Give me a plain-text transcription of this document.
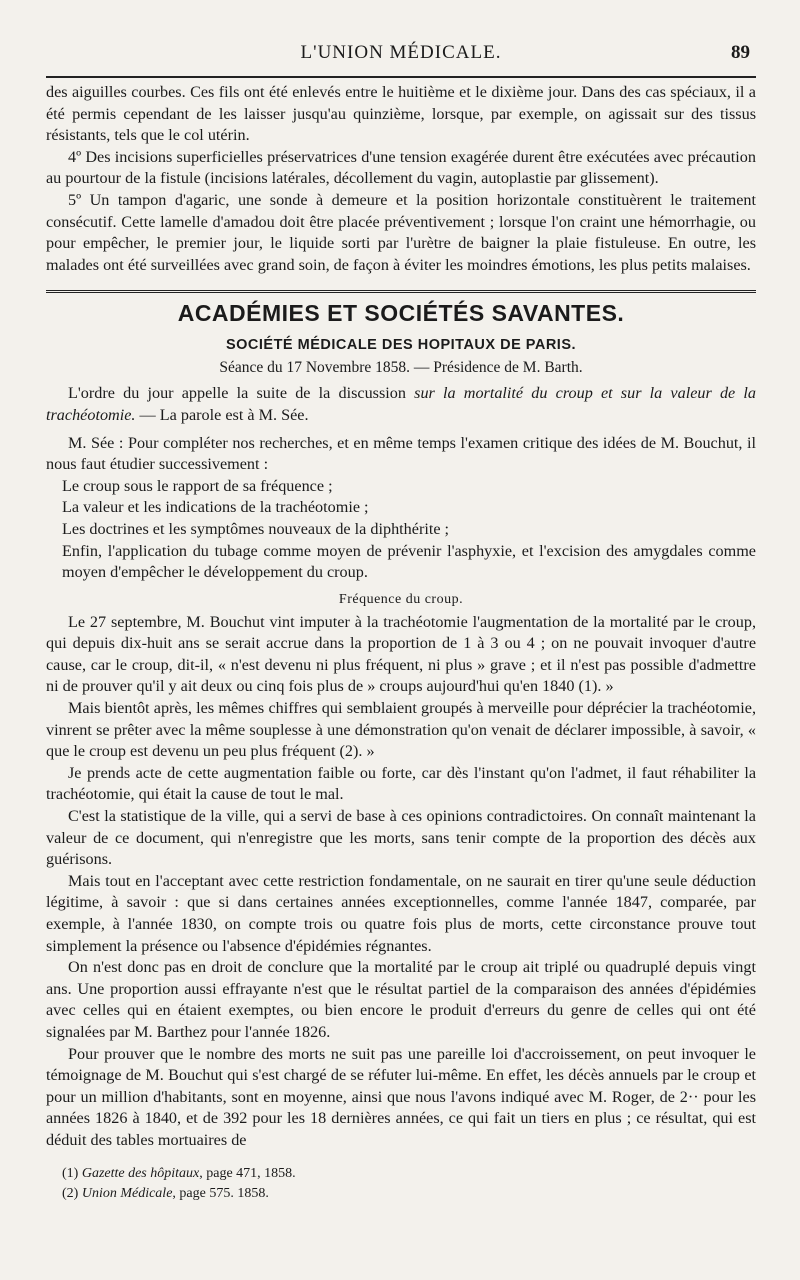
L'UNION MÉDICALE.	89

des aiguilles courbes. Ces fils ont été enlevés entre le huitième et le dixième jour. Dans des cas spéciaux, il a été permis cependant de les laisser jusqu'au quinzième, lorsque, par exemple, on agissait sur des tissus résistants, tels que le col utérin.

4º Des incisions superficielles préservatrices d'une tension exagérée durent être exécutées avec précaution au pourtour de la fistule (incisions latérales, décollement du vagin, autoplastie par glissement).

5º Un tampon d'agaric, une sonde à demeure et la position horizontale constituèrent le traitement consécutif. Cette lamelle d'amadou doit être placée préventivement ; lorsque l'on craint une hémorrhagie, ou pour empêcher, le premier jour, le liquide sorti par l'urètre de baigner la plaie fistuleuse. En outre, les malades ont été surveillées avec grand soin, de façon à éviter les moindres émotions, les plus petits malaises.

ACADÉMIES ET SOCIÉTÉS SAVANTES.
SOCIÉTÉ MÉDICALE DES HOPITAUX DE PARIS.
Séance du 17 Novembre 1858. — Présidence de M. Barth.

L'ordre du jour appelle la suite de la discussion sur la mortalité du croup et sur la valeur de la trachéotomie. — La parole est à M. Sée.

M. Sée : Pour compléter nos recherches, et en même temps l'examen critique des idées de M. Bouchut, il nous faut étudier successivement :

Le croup sous le rapport de sa fréquence ;
La valeur et les indications de la trachéotomie ;
Les doctrines et les symptômes nouveaux de la diphthérite ;
Enfin, l'application du tubage comme moyen de prévenir l'asphyxie, et l'excision des amygdales comme moyen d'empêcher le développement du croup.
Fréquence du croup.

Le 27 septembre, M. Bouchut vint imputer à la trachéotomie l'augmentation de la mortalité par le croup, qui depuis dix-huit ans se serait accrue dans la proportion de 1 à 3 ou 4 ; on ne pouvait invoquer d'autre cause, car le croup, dit-il, « n'est devenu ni plus fréquent, ni plus » grave ; et il n'est pas possible d'admettre ni de prouver qu'il y ait deux ou cinq fois plus de » croups aujourd'hui qu'en 1840 (1). »

Mais bientôt après, les mêmes chiffres qui semblaient groupés à merveille pour déprécier la trachéotomie, vinrent se prêter avec la même souplesse à une démonstration qu'on venait de déclarer impossible, à savoir, « que le croup est devenu un peu plus fréquent (2). »

Je prends acte de cette augmentation faible ou forte, car dès l'instant qu'on l'admet, il faut réhabiliter la trachéotomie, qui était la cause de tout le mal.

C'est la statistique de la ville, qui a servi de base à ces opinions contradictoires. On connaît maintenant la valeur de ce document, qui n'enregistre que les morts, sans tenir compte de la proportion des décès aux guérisons.

Mais tout en l'acceptant avec cette restriction fondamentale, on ne saurait en tirer qu'une seule déduction légitime, à savoir : que si dans certaines années exceptionnelles, comme l'année 1847, comparée, par exemple, à l'année 1830, on compte trois ou quatre fois plus de morts, cette circonstance prouve tout simplement la présence ou l'absence d'épidémies régnantes.

On n'est donc pas en droit de conclure que la mortalité par le croup ait triplé ou quadruplé depuis vingt ans. Une proportion aussi effrayante n'est que le résultat partiel de la comparaison des années d'épidémies avec celles qui en étaient exemptes, ou bien encore le produit d'erreurs du genre de celles qui ont été signalées par M. Barthez pour l'année 1826.

Pour prouver que le nombre des morts ne suit pas une pareille loi d'accroissement, on peut invoquer le témoignage de M. Bouchut qui s'est chargé de se réfuter lui-même. En effet, les décès annuels par le croup et pour un million d'habitants, sont en moyenne, ainsi que nous l'avons indiqué avec M. Roger, de 2·· pour les années 1826 à 1840, et de 392 pour les 18 dernières années, ce qui fait un tiers en plus ; ce résultat, qui est déduit des tables mortuaires de

(1) Gazette des hôpitaux, page 471, 1858.
(2) Union Médicale, page 575. 1858.
